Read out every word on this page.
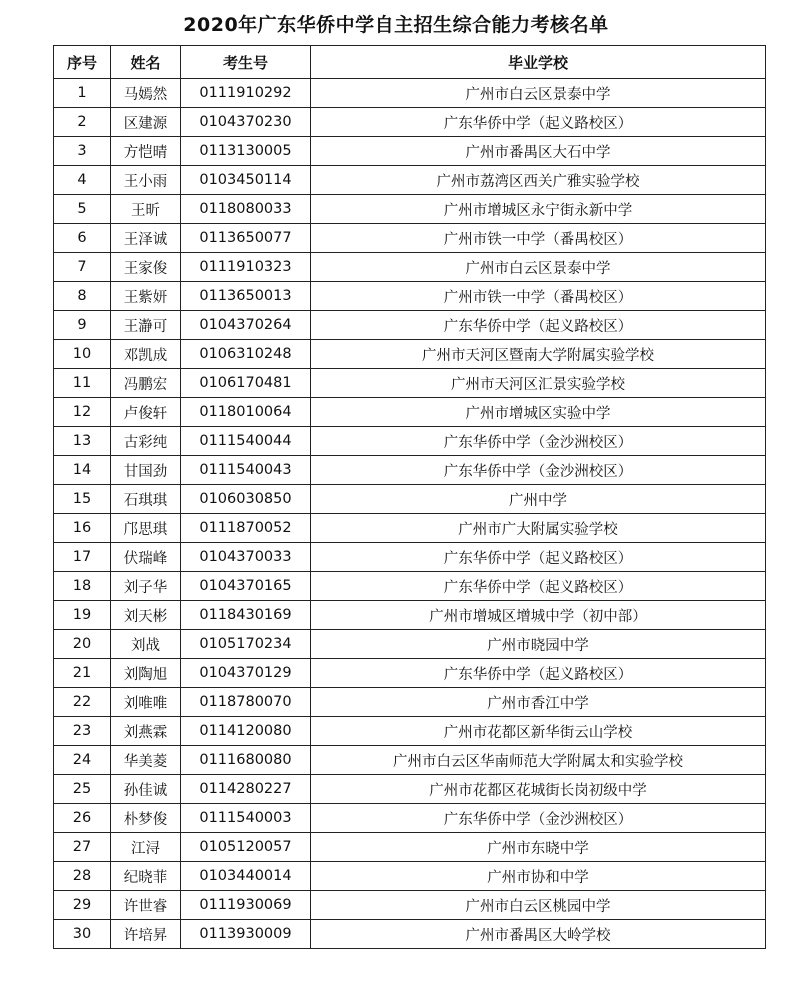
2020年广东华侨中学自主招生综合能力考核名单
序号	姓名	考生号	毕业学校
1	马嫣然	0111910292	广州市白云区景泰中学
2	区建源	0104370230	广东华侨中学（起义路校区）
3	方恺晴	0113130005	广州市番禺区大石中学
4	王小雨	0103450114	广州市荔湾区西关广雅实验学校
5	王昕	0118080033	广州市增城区永宁街永新中学
6	王泽诚	0113650077	广州市铁一中学（番禺校区）
7	王家俊	0111910323	广州市白云区景泰中学
8	王紫妍	0113650013	广州市铁一中学（番禺校区）
9	王瀞可	0104370264	广东华侨中学（起义路校区）
10	邓凯成	0106310248	广州市天河区暨南大学附属实验学校
11	冯鹏宏	0106170481	广州市天河区汇景实验学校
12	卢俊轩	0118010064	广州市增城区实验中学
13	古彩纯	0111540044	广东华侨中学（金沙洲校区）
14	甘国劲	0111540043	广东华侨中学（金沙洲校区）
15	石琪琪	0106030850	广州中学
16	邝思琪	0111870052	广州市广大附属实验学校
17	伏瑞峰	0104370033	广东华侨中学（起义路校区）
18	刘子华	0104370165	广东华侨中学（起义路校区）
19	刘天彬	0118430169	广州市增城区增城中学（初中部）
20	刘战	0105170234	广州市晓园中学
21	刘陶旭	0104370129	广东华侨中学（起义路校区）
22	刘唯唯	0118780070	广州市香江中学
23	刘燕霖	0114120080	广州市花都区新华街云山学校
24	华美菱	0111680080	广州市白云区华南师范大学附属太和实验学校
25	孙佳诚	0114280227	广州市花都区花城街长岗初级中学
26	朴梦俊	0111540003	广东华侨中学（金沙洲校区）
27	江浔	0105120057	广州市东晓中学
28	纪晓菲	0103440014	广州市协和中学
29	许世睿	0111930069	广州市白云区桃园中学
30	许培昇	0113930009	广州市番禺区大岭学校
